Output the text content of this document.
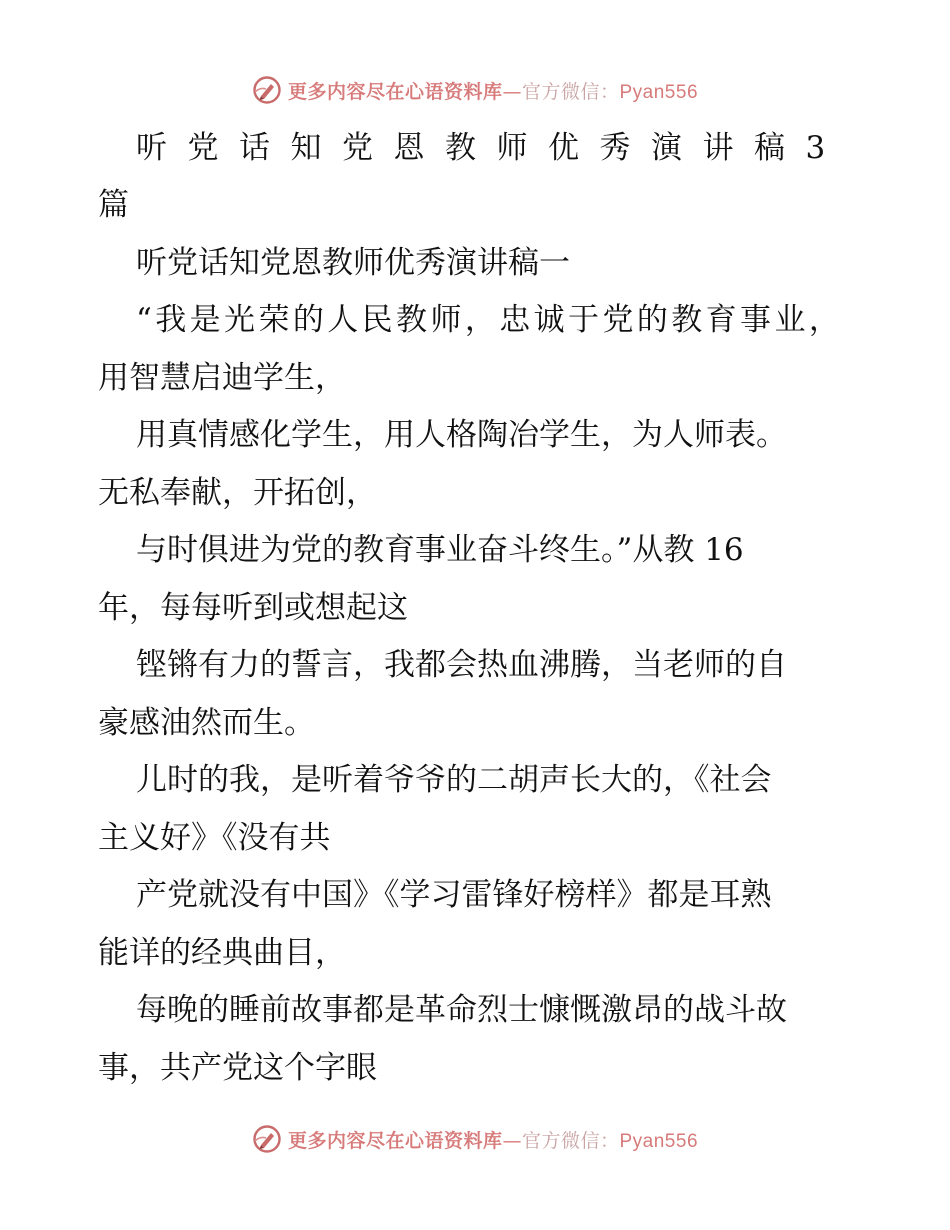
更多内容尽在心语资料库—官方微信：Pyan556
听党话知党恩教师优秀演讲稿3
篇
听党话知党恩教师优秀演讲稿一
“我是光荣的人民教师，忠诚于党的教育事业，
用智慧启迪学生，
用真情感化学生，用人格陶冶学生，为人师表。
无私奉献，开拓创，
与时俱进为党的教育事业奋斗终生。”从教 16
年，每每听到或想起这
铿锵有力的誓言，我都会热血沸腾，当老师的自
豪感油然而生。
儿时的我，是听着爷爷的二胡声长大的，《社会
主义好》《没有共
产党就没有中国》《学习雷锋好榜样》都是耳熟
能详的经典曲目，
每晚的睡前故事都是革命烈士慷慨激昂的战斗故
事，共产党这个字眼
更多内容尽在心语资料库—官方微信：Pyan556
